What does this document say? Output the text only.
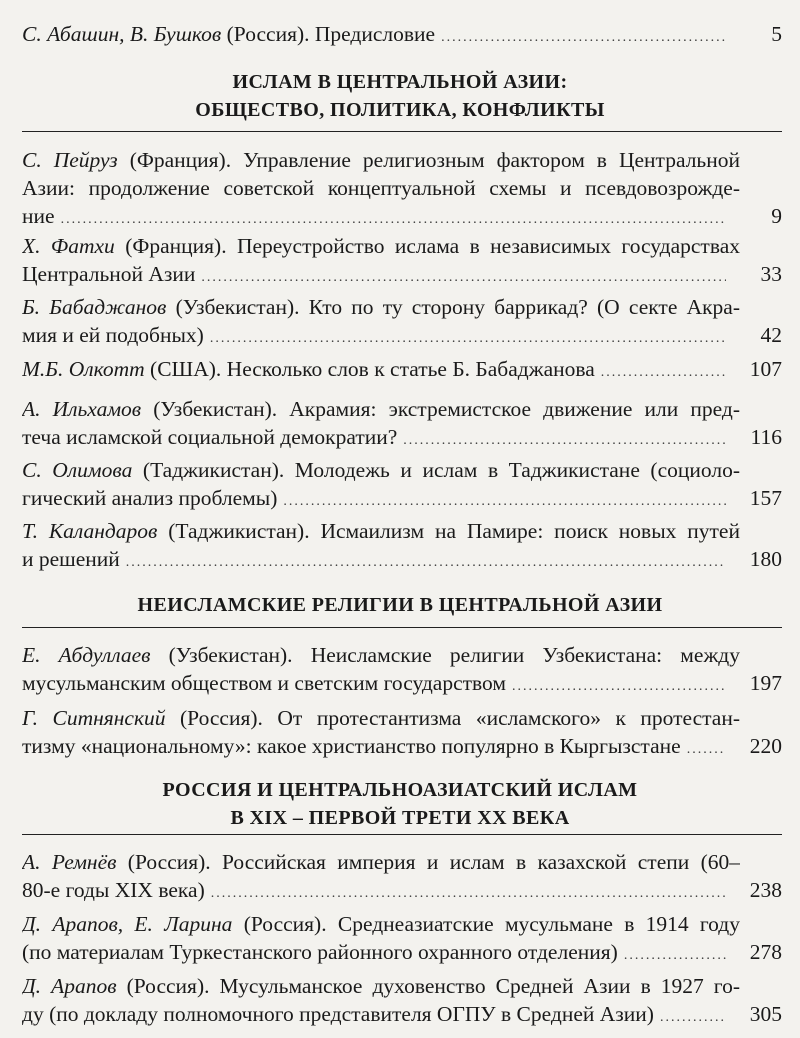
С. Абашин, В. Бушков (Россия). Предисловие .....	5
ИСЛАМ В ЦЕНТРАЛЬНОЙ АЗИИ:
ОБЩЕСТВО, ПОЛИТИКА, КОНФЛИКТЫ
С. Пейруз (Франция). Управление религиозным фактором в Центральной
Азии: продолжение советской концептуальной схемы и псевдовозрожде-
ние .....	9
Х. Фатхи (Франция). Переустройство ислама в независимых государствах
Центральной Азии .....	33
Б. Бабаджанов (Узбекистан). Кто по ту сторону баррикад? (О секте Акра-
мия и ей подобных) .....	42
М.Б. Олкотт (США). Несколько слов к статье Б. Бабаджанова .....	107
А. Ильхамов (Узбекистан). Акрамия: экстремистское движение или пред-
теча исламской социальной демократии? .....	116
С. Олимова (Таджикистан). Молодежь и ислам в Таджикистане (социоло-
гический анализ проблемы) .....	157
Т. Каландаров (Таджикистан). Исмаилизм на Памире: поиск новых путей
и решений .....	180
НЕИСЛАМСКИЕ РЕЛИГИИ В ЦЕНТРАЛЬНОЙ АЗИИ
Е. Абдуллаев (Узбекистан). Неисламские религии Узбекистана: между
мусульманским обществом и светским государством .....	197
Г. Ситнянский (Россия). От протестантизма «исламского» к протестан-
тизму «национальному»: какое христианство популярно в Кыргызстане .....	220
РОССИЯ И ЦЕНТРАЛЬНОАЗИАТСКИЙ ИСЛАМ
В XIX – ПЕРВОЙ ТРЕТИ XX ВЕКА
А. Ремнёв (Россия). Российская империя и ислам в казахской степи (60–
80-е годы XIX века) .....	238
Д. Арапов, Е. Ларина (Россия). Среднеазиатские мусульмане в 1914 году
(по материалам Туркестанского районного охранного отделения) .....	278
Д. Арапов (Россия). Мусульманское духовенство Средней Азии в 1927 го-
ду (по докладу полномочного представителя ОГПУ в Средней Азии) .....	305
